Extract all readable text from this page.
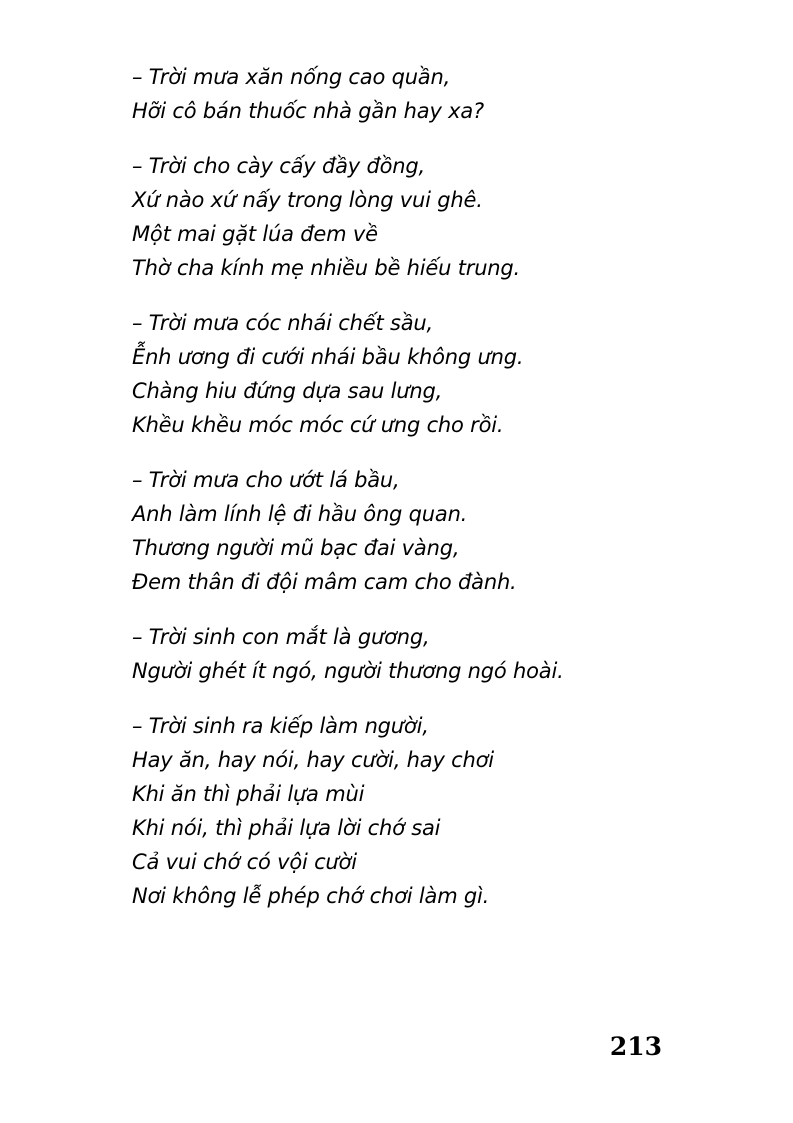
– Trời mưa xăn nống cao quần,
Hỡi cô bán thuốc nhà gần hay xa?
– Trời cho cày cấy đầy đồng,
Xứ nào xứ nấy trong lòng vui ghê.
Một mai gặt lúa đem về
Thờ cha kính mẹ nhiều bề hiếu trung.
– Trời mưa cóc nhái chết sầu,
Ễnh ương đi cưới nhái bầu không ưng.
Chàng hiu đứng dựa sau lưng,
Khều khều móc móc cứ ưng cho rồi.
– Trời mưa cho ướt lá bầu,
Anh làm lính lệ đi hầu ông quan.
Thương người mũ bạc đai vàng,
Đem thân đi đội mâm cam cho đành.
– Trời sinh con mắt là gương,
Người ghét ít ngó, người thương ngó hoài.
– Trời sinh ra kiếp làm người,
Hay ăn, hay nói, hay cười, hay chơi
Khi ăn thì phải lựa mùi
Khi nói, thì phải lựa lời chớ sai
Cả vui chớ có vội cười
Nơi không lễ phép chớ chơi làm gì.
213
